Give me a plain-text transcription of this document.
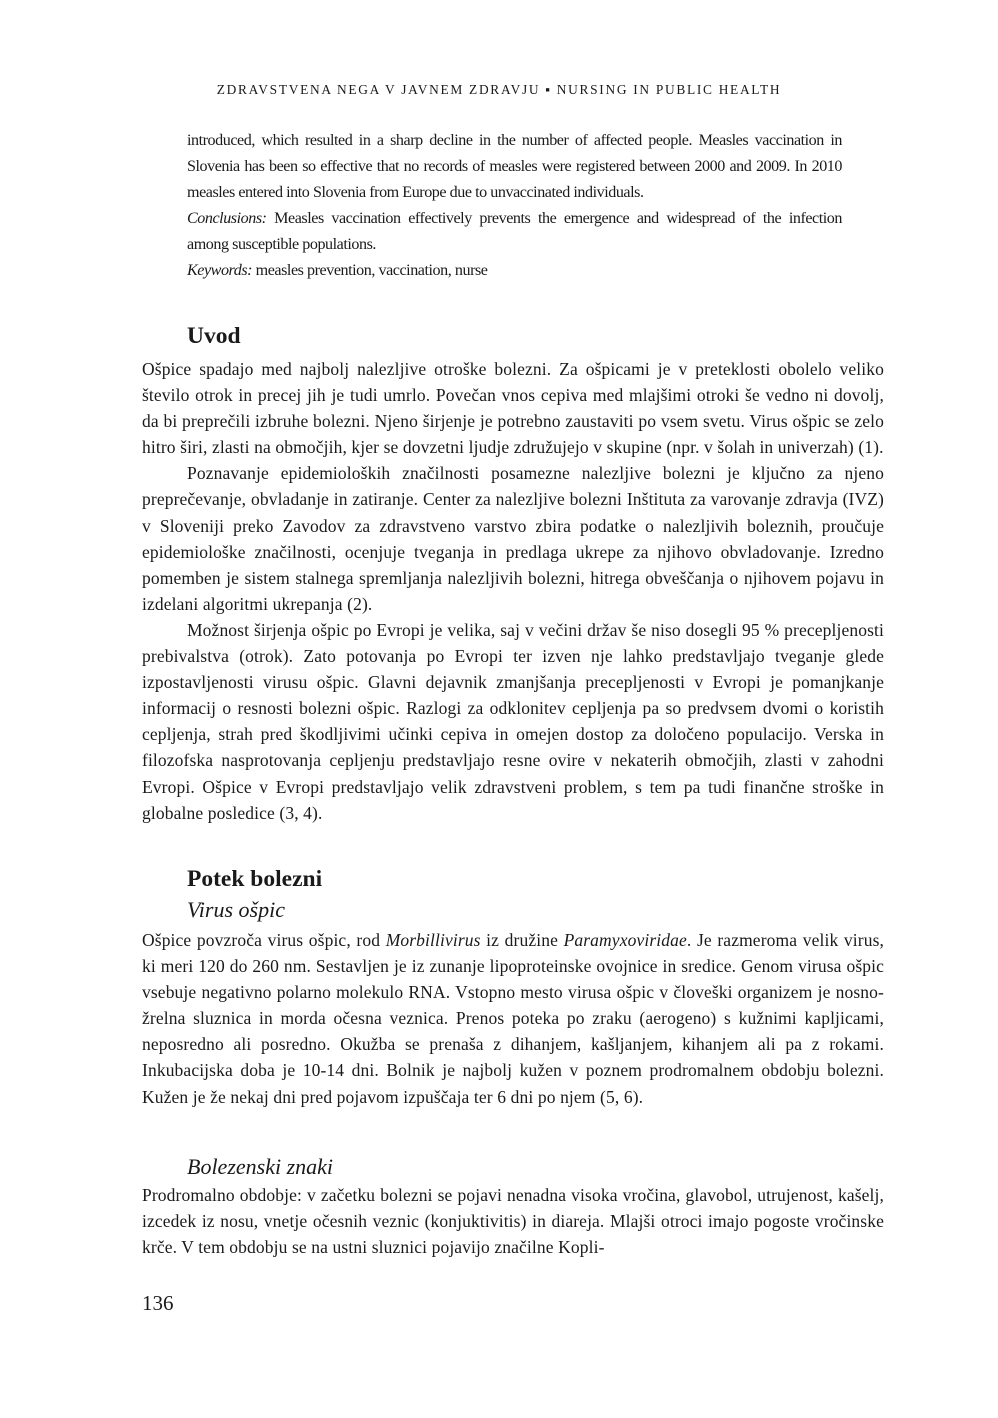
ZDRAVSTVENA NEGA V JAVNEM ZDRAVJU ▪ NURSING IN PUBLIC HEALTH

introduced, which resulted in a sharp decline in the number of affected people. Measles vaccination in Slovenia has been so effective that no records of measles were registered between 2000 and 2009. In 2010 measles entered into Slovenia from Europe due to unvaccinated individuals.

Conclusions: Measles vaccination effectively prevents the emergence and widespread of the infection among susceptible populations.

Keywords: measles prevention, vaccination, nurse

Uvod

Ošpice spadajo med najbolj nalezljive otroške bolezni. Za ošpicami je v preteklosti obolelo veliko število otrok in precej jih je tudi umrlo. Povečan vnos cepiva med mlajšimi otroki še vedno ni dovolj, da bi preprečili izbruhe bolezni. Njeno širjenje je potrebno zaustaviti po vsem svetu. Virus ošpic se zelo hitro širi, zlasti na območjih, kjer se dovzetni ljudje združujejo v skupine (npr. v šolah in univerzah) (1).

Poznavanje epidemioloških značilnosti posamezne nalezljive bolezni je ključno za njeno preprečevanje, obvladanje in zatiranje. Center za nalezljive bolezni Inštituta za varovanje zdravja (IVZ) v Sloveniji preko Zavodov za zdravstveno varstvo zbira podatke o nalezljivih boleznih, proučuje epidemiološke značilnosti, ocenjuje tveganja in predlaga ukrepe za njihovo obvladovanje. Izredno pomemben je sistem stalnega spremljanja nalezljivih bolezni, hitrega obveščanja o njihovem pojavu in izdelani algoritmi ukrepanja (2).

Možnost širjenja ošpic po Evropi je velika, saj v večini držav še niso dosegli 95 % precepljenosti prebivalstva (otrok). Zato potovanja po Evropi ter izven nje lahko predstavljajo tveganje glede izpostavljenosti virusu ošpic. Glavni dejavnik zmanjšanja precepljenosti v Evropi je pomanjkanje informacij o resnosti bolezni ošpic. Razlogi za odklonitev cepljenja pa so predvsem dvomi o koristih cepljenja, strah pred škodljivimi učinki cepiva in omejen dostop za določeno populacijo. Verska in filozofska nasprotovanja cepljenju predstavljajo resne ovire v nekaterih območjih, zlasti v zahodni Evropi. Ošpice v Evropi predstavljajo velik zdravstveni problem, s tem pa tudi finančne stroške in globalne posledice (3, 4).

Potek bolezni
Virus ošpic

Ošpice povzroča virus ošpic, rod Morbillivirus iz družine Paramyxoviridae. Je razmeroma velik virus, ki meri 120 do 260 nm. Sestavljen je iz zunanje lipoproteinske ovojnice in sredice. Genom virusa ošpic vsebuje negativno polarno molekulo RNA. Vstopno mesto virusa ošpic v človeški organizem je nosno-žrelna sluznica in morda očesna veznica. Prenos poteka po zraku (aerogeno) s kužnimi kapljicami, neposredno ali posredno. Okužba se prenaša z dihanjem, kašljanjem, kihanjem ali pa z rokami. Inkubacijska doba je 10-14 dni. Bolnik je najbolj kužen v poznem prodromalnem obdobju bolezni. Kužen je že nekaj dni pred pojavom izpuščaja ter 6 dni po njem (5, 6).

Bolezenski znaki

Prodromalno obdobje: v začetku bolezni se pojavi nenadna visoka vročina, glavobol, utrujenost, kašelj, izcedek iz nosu, vnetje očesnih veznic (konjuktivitis) in diareja. Mlajši otroci imajo pogoste vročinske krče. V tem obdobju se na ustni sluznici pojavijo značilne Kopli-

136
